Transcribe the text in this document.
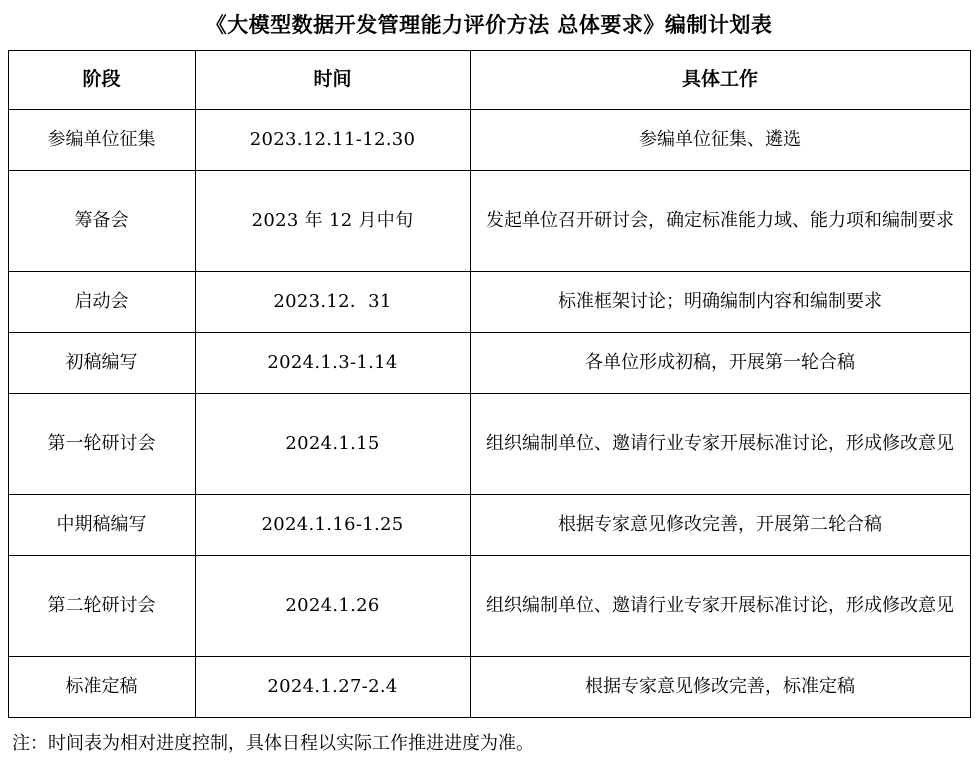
《大模型数据开发管理能力评价方法 总体要求》编制计划表
阶段	时间	具体工作
参编单位征集	2023.12.11-12.30	参编单位征集、遴选
筹备会	2023 年 12 月中旬	发起单位召开研讨会，确定标准能力域、能力项和编制要求
启动会	2023.12．31	标准框架讨论；明确编制内容和编制要求
初稿编写	2024.1.3-1.14	各单位形成初稿，开展第一轮合稿
第一轮研讨会	2024.1.15	组织编制单位、邀请行业专家开展标准讨论，形成修改意见
中期稿编写	2024.1.16-1.25	根据专家意见修改完善，开展第二轮合稿
第二轮研讨会	2024.1.26	组织编制单位、邀请行业专家开展标准讨论，形成修改意见
标准定稿	2024.1.27-2.4	根据专家意见修改完善，标准定稿
注：时间表为相对进度控制，具体日程以实际工作推进进度为准。
